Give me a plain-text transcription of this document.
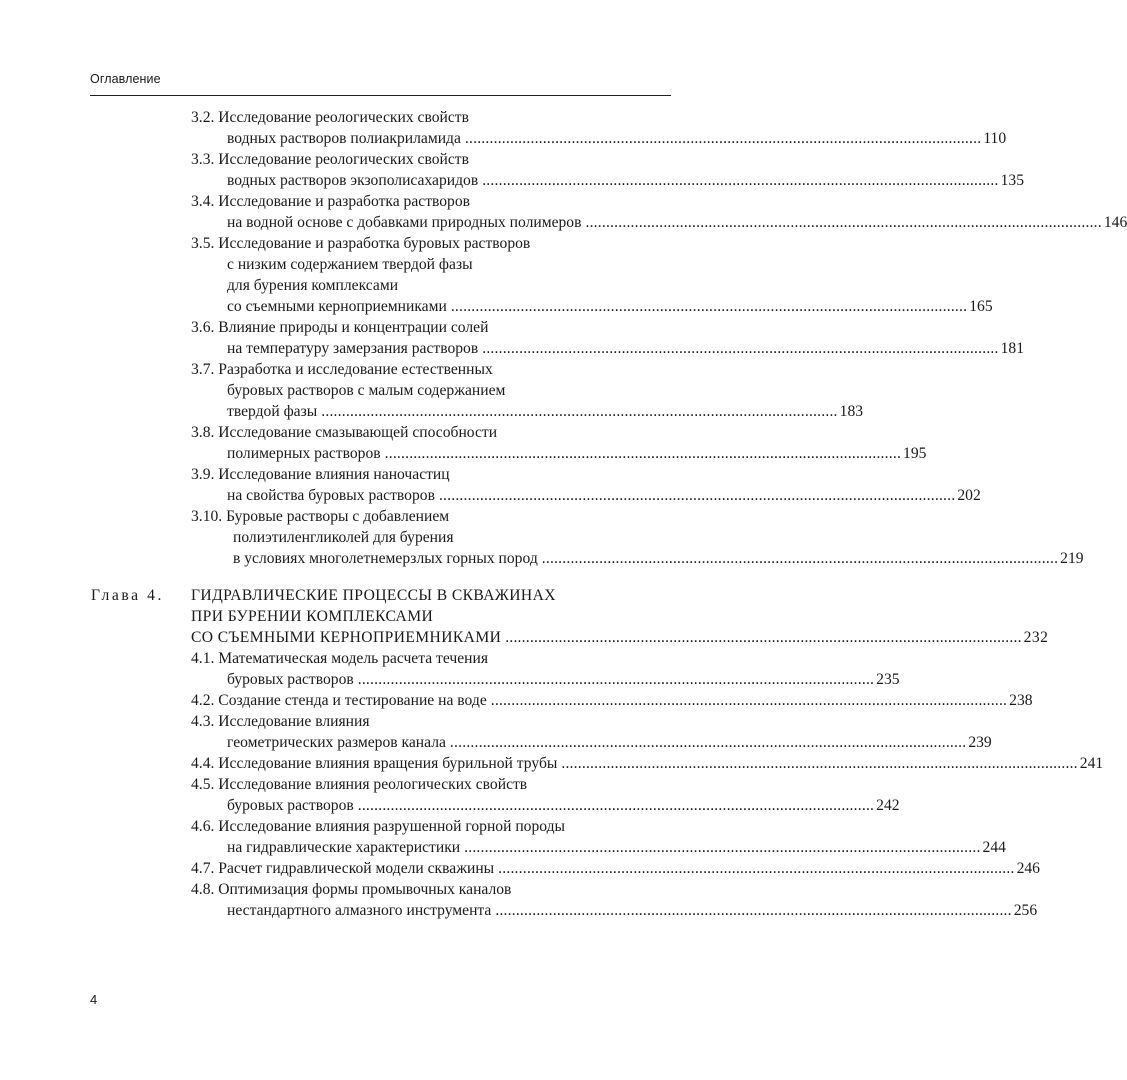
Оглавление
3.2. Исследование реологических свойств
водных растворов полиакриламида .............................................................................................................................. 110
3.3. Исследование реологических свойств
водных растворов экзополисахаридов .............................................................................................................................. 135
3.4. Исследование и разработка растворов
на водной основе с добавками природных полимеров .............................................................................................................................. 146
3.5. Исследование и разработка буровых растворов
с низким содержанием твердой фазы
для бурения комплексами
со съемными керноприемниками .............................................................................................................................. 165
3.6. Влияние природы и концентрации солей
на температуру замерзания растворов .............................................................................................................................. 181
3.7. Разработка и исследование естественных
буровых растворов с малым содержанием
твердой фазы .............................................................................................................................. 183
3.8. Исследование смазывающей способности
полимерных растворов .............................................................................................................................. 195
3.9. Исследование влияния наночастиц
на свойства буровых растворов .............................................................................................................................. 202
3.10. Буровые растворы с добавлением
полиэтиленгликолей для бурения
в условиях многолетнемерзлых горных пород .............................................................................................................................. 219
Глава 4. ГИДРАВЛИЧЕСКИЕ ПРОЦЕССЫ В СКВАЖИНАХ
ПРИ БУРЕНИИ КОМПЛЕКСАМИ
СО СЪЕМНЫМИ КЕРНОПРИЕМНИКАМИ .............................................................................................................................. 232
4.1. Математическая модель расчета течения
буровых растворов .............................................................................................................................. 235
4.2. Создание стенда и тестирование на воде .............................................................................................................................. 238
4.3. Исследование влияния
геометрических размеров канала .............................................................................................................................. 239
4.4. Исследование влияния вращения бурильной трубы .............................................................................................................................. 241
4.5. Исследование влияния реологических свойств
буровых растворов .............................................................................................................................. 242
4.6. Исследование влияния разрушенной горной породы
на гидравлические характеристики .............................................................................................................................. 244
4.7. Расчет гидравлической модели скважины .............................................................................................................................. 246
4.8. Оптимизация формы промывочных каналов
нестандартного алмазного инструмента .............................................................................................................................. 256
4
